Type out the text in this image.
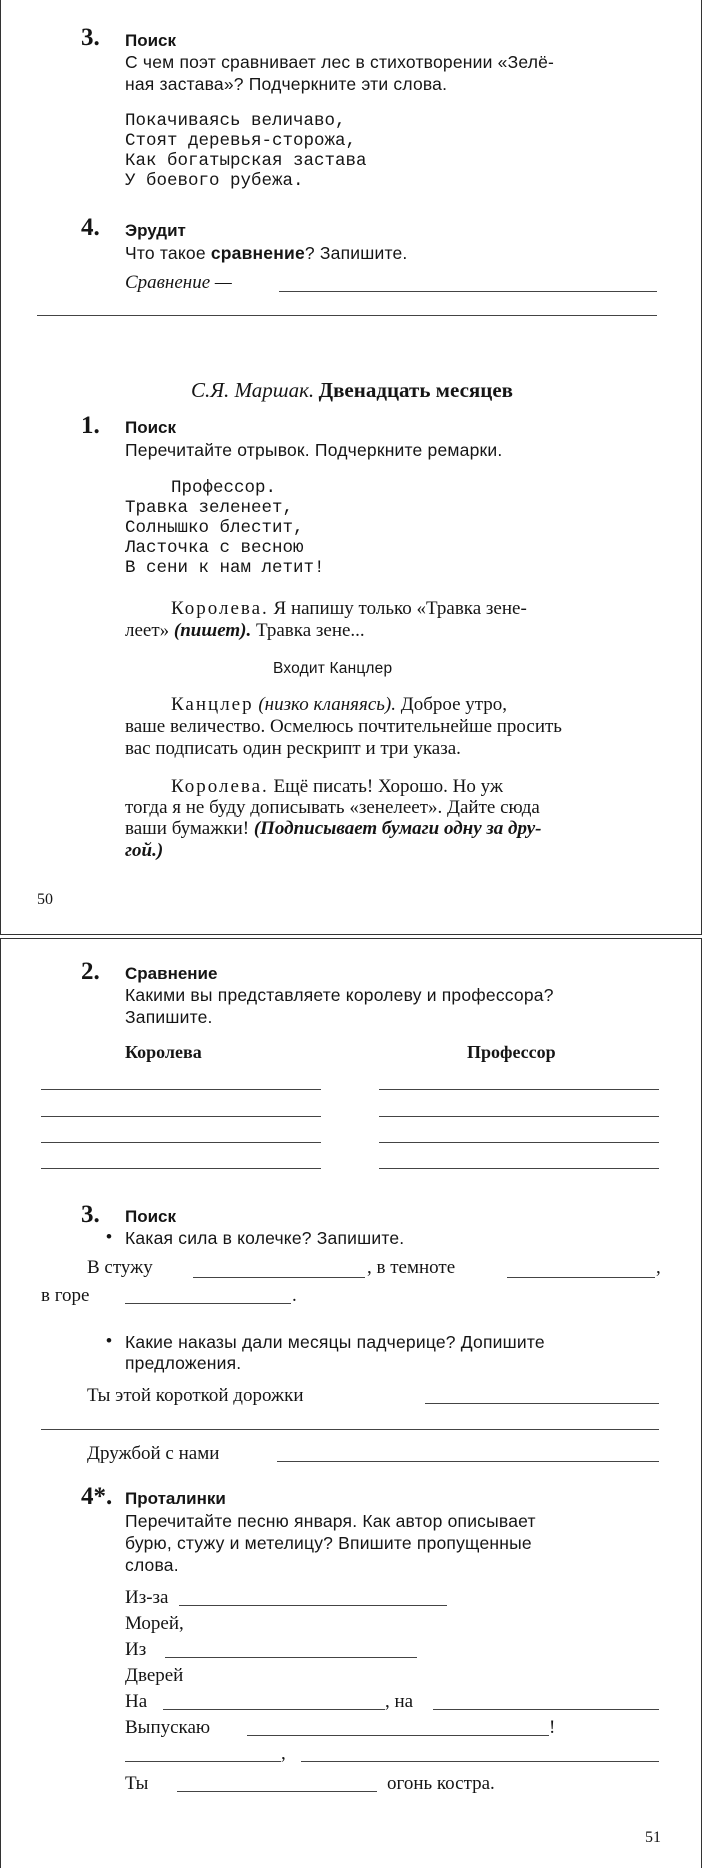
3. Поиск
С чем поэт сравнивает лес в стихотворении «Зелё-
ная застава»? Подчеркните эти слова.
Покачиваясь величаво,
Стоят деревья-сторожа,
Как богатырская застава
У боевого рубежа.
4. Эрудит
Что такое сравнение? Запишите.
Сравнение —
С.Я. Маршак. Двенадцать месяцев
1. Поиск
Перечитайте отрывок. Подчеркните ремарки.
Профессор.
Травка зеленеет,
Солнышко блестит,
Ласточка с весною
В сени к нам летит!
Королева. Я напишу только «Травка зене-
леет» (пишет). Травка зене...
Входит Канцлер
Канцлер (низко кланяясь). Доброе утро,
ваше величество. Осмелюсь почтительнейше просить
вас подписать один рескрипт и три указа.
Королева. Ещё писать! Хорошо. Но уж
тогда я не буду дописывать «зенелеет». Дайте сюда
ваши бумажки! (Подписывает бумаги одну за дру-
гой.)
50
2. Сравнение
Какими вы представляете королеву и профессора?
Запишите.
Королева	Профессор
3. Поиск
• Какая сила в колечке? Запишите.
В стужу	, в темноте	,
в горе	.
• Какие наказы дали месяцы падчерице? Допишите
предложения.
Ты этой короткой дорожки
Дружбой с нами
4*. Проталинки
Перечитайте песню января. Как автор описывает
бурю, стужу и метелицу? Впишите пропущенные
слова.
Из-за
Морей,
Из
Дверей
На	, на
Выпускаю	!
,
Ты	огонь костра.
51
